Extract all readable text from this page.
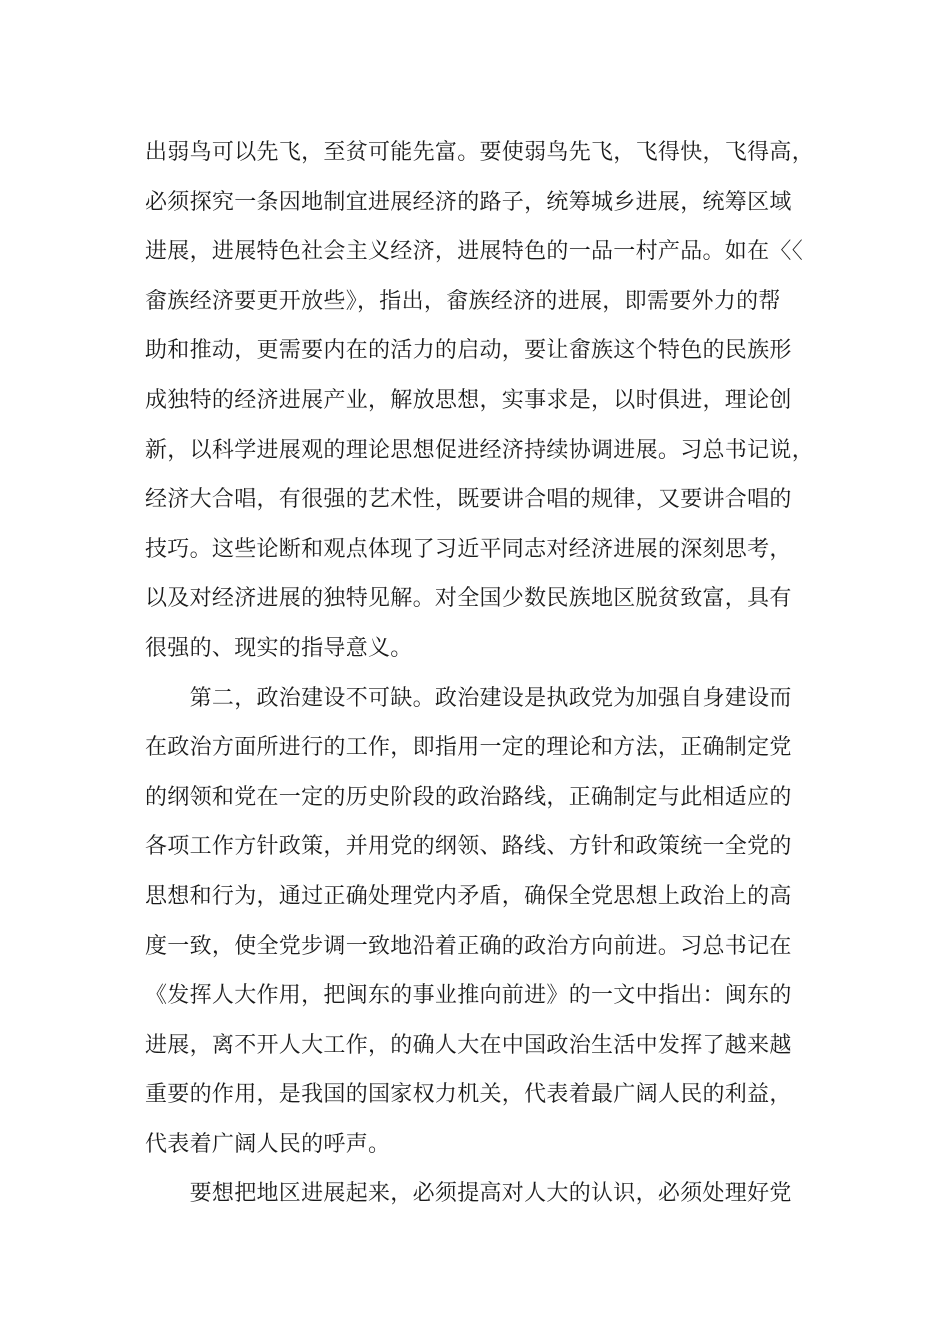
出弱鸟可以先飞，至贫可能先富。要使弱鸟先飞，飞得快，飞得高，
必须探究一条因地制宜进展经济的路子，统筹城乡进展，统筹区域
进展，进展特色社会主义经济，进展特色的一品一村产品。如在〈〈
畲族经济要更开放些》，指出，畲族经济的进展，即需要外力的帮
助和推动，更需要内在的活力的启动，要让畲族这个特色的民族形
成独特的经济进展产业，解放思想，实事求是，以时俱进，理论创
新，以科学进展观的理论思想促进经济持续协调进展。习总书记说，
经济大合唱，有很强的艺术性，既要讲合唱的规律，又要讲合唱的
技巧。这些论断和观点体现了习近平同志对经济进展的深刻思考，
以及对经济进展的独特见解。对全国少数民族地区脱贫致富，具有
很强的、现实的指导意义。
　　第二，政治建设不可缺。政治建设是执政党为加强自身建设而
在政治方面所进行的工作，即指用一定的理论和方法，正确制定党
的纲领和党在一定的历史阶段的政治路线，正确制定与此相适应的
各项工作方针政策，并用党的纲领、路线、方针和政策统一全党的
思想和行为，通过正确处理党内矛盾，确保全党思想上政治上的高
度一致，使全党步调一致地沿着正确的政治方向前进。习总书记在
《发挥人大作用，把闽东的事业推向前进》的一文中指出：闽东的
进展，离不开人大工作，的确人大在中国政治生活中发挥了越来越
重要的作用，是我国的国家权力机关，代表着最广阔人民的利益，
代表着广阔人民的呼声。
　　要想把地区进展起来，必须提高对人大的认识，必须处理好党
